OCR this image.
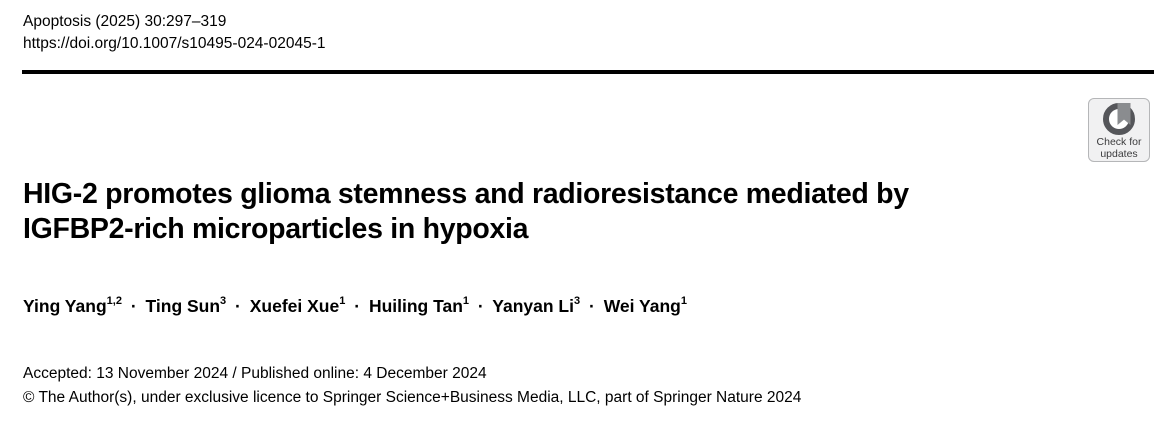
Apoptosis (2025) 30:297–319
https://doi.org/10.1007/s10495-024-02045-1
Check for
updates
HIG-2 promotes glioma stemness and radioresistance mediated by
IGFBP2-rich microparticles in hypoxia
Ying Yang$^{1,2}$ · Ting Sun$^3$ · Xuefei Xue$^1$ · Huiling Tan$^1$ · Yanyan $Li^3$ · Wei Yang$^1$
Accepted: 13 November 2024 / Published online: 4 December 2024
© The Author(s), under exclusive licence to Springer Science+Business Media, LLC, part of Springer Nature 2024
